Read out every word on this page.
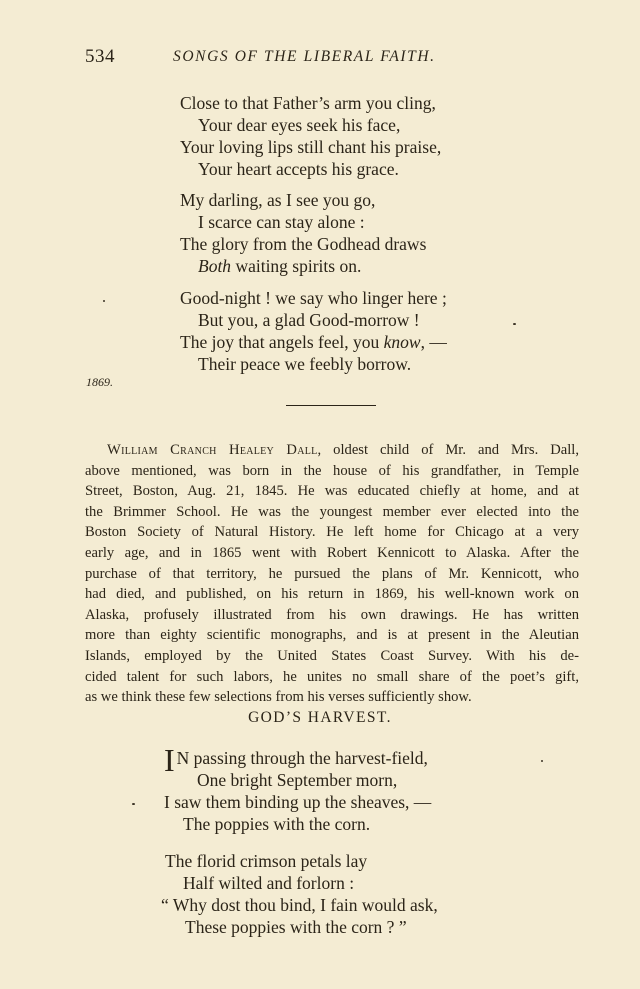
534	SONGS OF THE LIBERAL FAITH.
Close to that Father’s arm you cling,
Your dear eyes seek his face,
Your loving lips still chant his praise,
Your heart accepts his grace.
My darling, as I see you go,
I scarce can stay alone :
The glory from the Godhead draws
Both waiting spirits on.
Good-night ! we say who linger here ;
But you, a glad Good-morrow !
The joy that angels feel, you know, —
Their peace we feebly borrow.
1869.
William Cranch Healey Dall, oldest child of Mr. and Mrs. Dall,
above mentioned, was born in the house of his grandfather, in Temple
Street, Boston, Aug. 21, 1845. He was educated chiefly at home, and at
the Brimmer School. He was the youngest member ever elected into the
Boston Society of Natural History. He left home for Chicago at a very
early age, and in 1865 went with Robert Kennicott to Alaska. After the
purchase of that territory, he pursued the plans of Mr. Kennicott, who
had died, and published, on his return in 1869, his well-known work on
Alaska, profusely illustrated from his own drawings. He has written
more than eighty scientific monographs, and is at present in the Aleutian
Islands, employed by the United States Coast Survey. With his de-
cided talent for such labors, he unites no small share of the poet’s gift,
as we think these few selections from his verses sufficiently show.
GOD’S HARVEST.
I N passing through the harvest-field,
One bright September morn,
I saw them binding up the sheaves, —
The poppies with the corn.
The florid crimson petals lay
Half wilted and forlorn :
“ Why dost thou bind, I fain would ask,
These poppies with the corn ? ”
